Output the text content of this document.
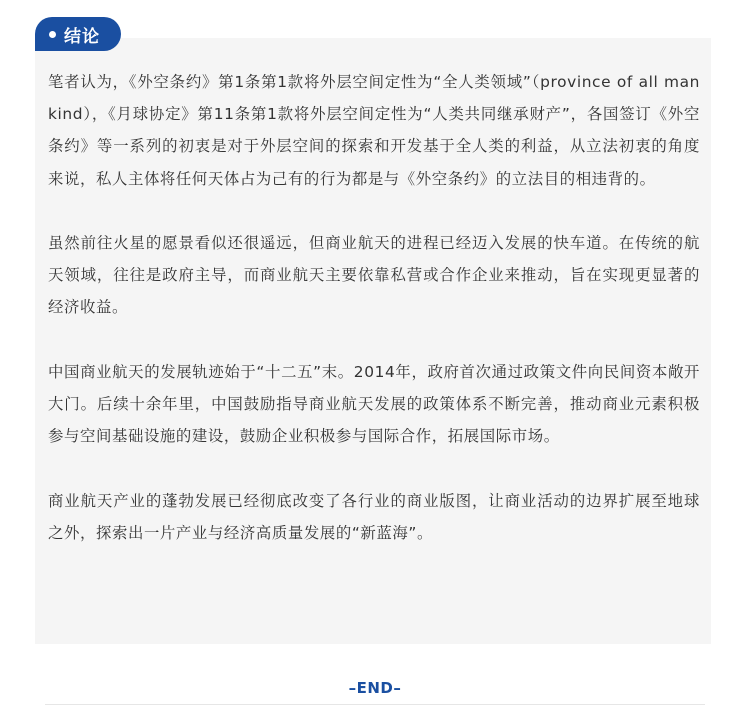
结论

笔者认为，《外空条约》第1条第1款将外层空间定性为“全人类领域”（province of all mankind），《月球协定》第11条第1款将外层空间定性为“人类共同继承财产”，各国签订《外空条约》等一系列的初衷是对于外层空间的探索和开发基于全人类的利益，从立法初衷的角度来说，私人主体将任何天体占为己有的行为都是与《外空条约》的立法目的相违背的。

虽然前往火星的愿景看似还很遥远，但商业航天的进程已经迈入发展的快车道。在传统的航天领域，往往是政府主导，而商业航天主要依靠私营或合作企业来推动，旨在实现更显著的经济收益。

中国商业航天的发展轨迹始于“十二五”末。2014年，政府首次通过政策文件向民间资本敞开大门。后续十余年里，中国鼓励指导商业航天发展的政策体系不断完善，推动商业元素积极参与空间基础设施的建设，鼓励企业积极参与国际合作，拓展国际市场。

商业航天产业的蓬勃发展已经彻底改变了各行业的商业版图，让商业活动的边界扩展至地球之外，探索出一片产业与经济高质量发展的“新蓝海”。

–END–
